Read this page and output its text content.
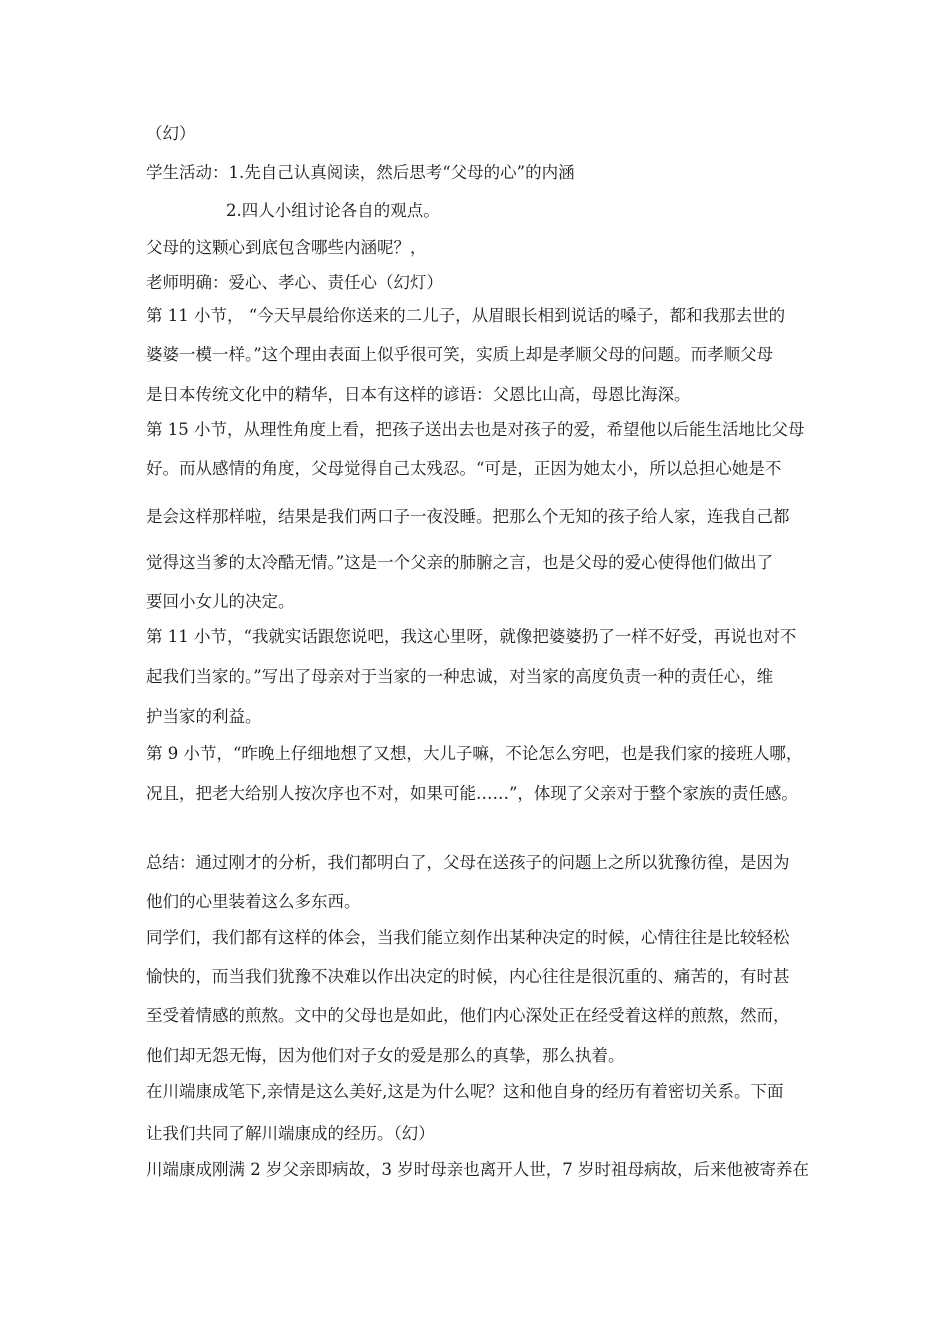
（幻）
学生活动：1.先自己认真阅读，然后思考“父母的心”的内涵
2.四人小组讨论各自的观点。
父母的这颗心到底包含哪些内涵呢？，
老师明确：爱心、孝心、责任心（幻灯）
第 11 小节， “今天早晨给你送来的二儿子，从眉眼长相到说话的嗓子，都和我那去世的
婆婆一模一样。”这个理由表面上似乎很可笑，实质上却是孝顺父母的问题。而孝顺父母
是日本传统文化中的精华，日本有这样的谚语：父恩比山高，母恩比海深。
第 15 小节，从理性角度上看，把孩子送出去也是对孩子的爱，希望他以后能生活地比父母
好。而从感情的角度，父母觉得自己太残忍。“可是，正因为她太小，所以总担心她是不
是会这样那样啦，结果是我们两口子一夜没睡。把那么个无知的孩子给人家，连我自己都
觉得这当爹的太冷酷无情。”这是一个父亲的肺腑之言，也是父母的爱心使得他们做出了
要回小女儿的决定。
第 11 小节，“我就实话跟您说吧，我这心里呀，就像把婆婆扔了一样不好受，再说也对不
起我们当家的。”写出了母亲对于当家的一种忠诚，对当家的高度负责一种的责任心，维
护当家的利益。
第 9 小节，“昨晚上仔细地想了又想，大儿子嘛，不论怎么穷吧，也是我们家的接班人哪，
况且，把老大给别人按次序也不对，如果可能……”，体现了父亲对于整个家族的责任感。
总结：通过刚才的分析，我们都明白了，父母在送孩子的问题上之所以犹豫彷徨，是因为
他们的心里装着这么多东西。
同学们，我们都有这样的体会，当我们能立刻作出某种决定的时候，心情往往是比较轻松
愉快的，而当我们犹豫不决难以作出决定的时候，内心往往是很沉重的、痛苦的，有时甚
至受着情感的煎熬。文中的父母也是如此，他们内心深处正在经受着这样的煎熬，然而，
他们却无怨无悔，因为他们对子女的爱是那么的真挚，那么执着。
在川端康成笔下,亲情是这么美好,这是为什么呢？这和他自身的经历有着密切关系。下面
让我们共同了解川端康成的经历。（幻）
川端康成刚满 2 岁父亲即病故，3 岁时母亲也离开人世，7 岁时祖母病故，后来他被寄养在
